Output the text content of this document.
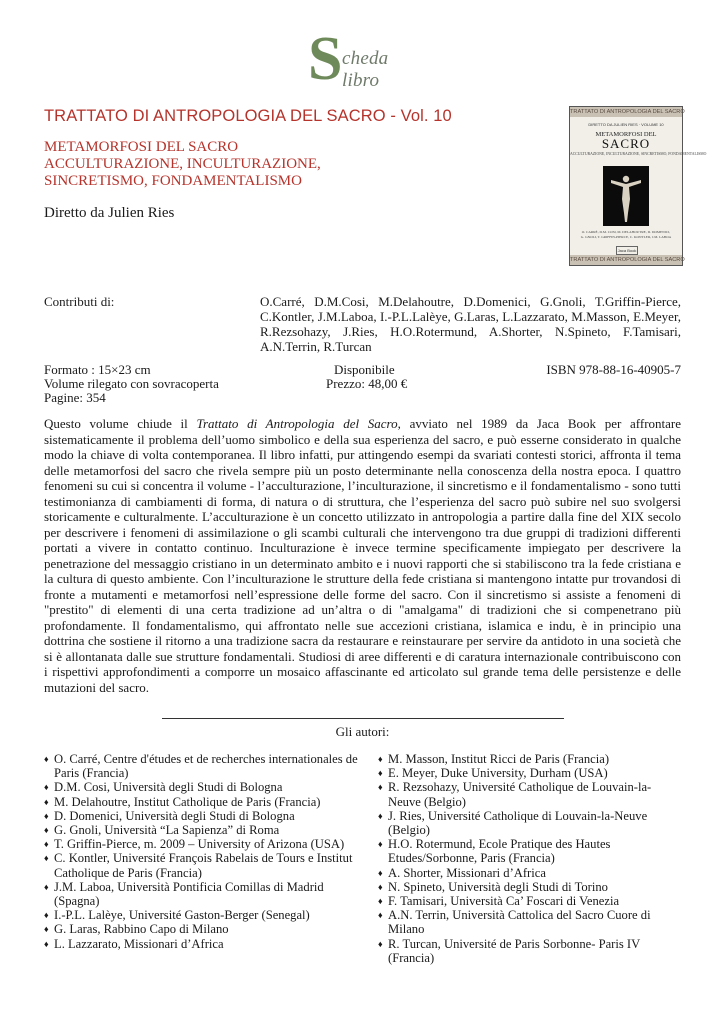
S cheda libro
TRATTATO DI ANTROPOLOGIA DEL SACRO - Vol. 10
METAMORFOSI DEL SACRO
ACCULTURAZIONE, INCULTURAZIONE,
SINCRETISMO, FONDAMENTALISMO
Diretto da Julien Ries
TRATTATO DI ANTROPOLOGIA DEL SACRO
DIRETTO DA JULIEN RIES · VOLUME 10
METAMORFOSI DEL
SACRO
ACCULTURAZIONE, INCULTURAZIONE, SINCRETISMO, FONDAMENTALISMO
O. CARRÉ, D.M. COSI, M. DELAHOUTRE, D. DOMENICI,
G. GNOLI, T. GRIFFIN-PIERCE, C. KONTLER, J.M. LABOA
Jaca Book
TRATTATO DI ANTROPOLOGIA DEL SACRO
Contributi di:	O.Carré, D.M.Cosi, M.Delahoutre, D.Domenici, G.Gnoli, T.Griffin-Pierce, C.Kontler, J.M.Laboa, I.-P.L.Lalèye, G.Laras, L.Lazzarato, M.Masson, E.Meyer, R.Rezsohazy, J.Ries, H.O.Rotermund, A.Shorter, N.Spineto, F.Tamisari, A.N.Terrin, R.Turcan
Formato : 15×23 cm
Volume rilegato con sovracoperta
Pagine: 354
Disponibile
Prezzo: 48,00 €
ISBN 978-88-16-40905-7

Questo volume chiude il Trattato di Antropologia del Sacro, avviato nel 1989 da Jaca Book per affrontare sistematicamente il problema dell’uomo simbolico e della sua esperienza del sacro, e può esserne considerato in qualche modo la chiave di volta contemporanea. Il libro infatti, pur attingendo esempi da svariati contesti storici, affronta il tema delle metamorfosi del sacro che rivela sempre più un posto determinante nella conoscenza della nostra epoca. I quattro fenomeni su cui si concentra il volume - l’acculturazione, l’inculturazione, il sincretismo e il fondamentalismo - sono tutti testimonianza di cambiamenti di forma, di natura o di struttura, che l’esperienza del sacro può subire nel suo svolgersi storicamente e culturalmente. L’acculturazione è un concetto utilizzato in antropologia a partire dalla fine del XIX secolo per descrivere i fenomeni di assimilazione o gli scambi culturali che intervengono tra due gruppi di tradizioni differenti portati a vivere in contatto continuo. Inculturazione è invece termine specificamente impiegato per descrivere la penetrazione del messaggio cristiano in un determinato ambito e i nuovi rapporti che si stabiliscono tra la fede cristiana e la cultura di questo ambiente. Con l’inculturazione le strutture della fede cristiana si mantengono intatte pur trovandosi di fronte a mutamenti e metamorfosi nell’espressione delle forme del sacro. Con il sincretismo si assiste a fenomeni di "prestito" di elementi di una certa tradizione ad un’altra o di "amalgama" di tradizioni che si compenetrano più profondamente. Il fondamentalismo, qui affrontato nelle sue accezioni cristiana, islamica e indu, è in principio una dottrina che sostiene il ritorno a una tradizione sacra da restaurare e reinstaurare per servire da antidoto in una società che si è allontanata dalle sue strutture fondamentali. Studiosi di aree differenti e di caratura internazionale contribuiscono con i rispettivi approfondimenti a comporre un mosaico affascinante ed articolato sul grande tema delle persistenze e delle mutazioni del sacro.

Gli autori:
♦ O. Carré, Centre d'études et de recherches internationales de Paris (Francia)
♦ D.M. Cosi, Università degli Studi di Bologna
♦ M. Delahoutre, Institut Catholique de Paris (Francia)
♦ D. Domenici, Università degli Studi di Bologna
♦ G. Gnoli, Università “La Sapienza” di Roma
♦ T. Griffin-Pierce, m. 2009 – University of Arizona (USA)
♦ C. Kontler, Université François Rabelais de Tours e Institut Catholique de Paris (Francia)
♦ J.M. Laboa, Università Pontificia Comillas di Madrid (Spagna)
♦ I.-P.L. Lalèye, Université Gaston-Berger (Senegal)
♦ G. Laras, Rabbino Capo di Milano
♦ L. Lazzarato, Missionari d’Africa
♦ M. Masson, Institut Ricci de Paris (Francia)
♦ E. Meyer, Duke University, Durham (USA)
♦ R. Rezsohazy, Université Catholique de Louvain-la-Neuve (Belgio)
♦ J. Ries, Université Catholique di Louvain-la-Neuve (Belgio)
♦ H.O. Rotermund, Ecole Pratique des Hautes Etudes/Sorbonne, Paris (Francia)
♦ A. Shorter, Missionari d’Africa
♦ N. Spineto, Università degli Studi di Torino
♦ F. Tamisari, Università Ca’ Foscari di Venezia
♦ A.N. Terrin, Università Cattolica del Sacro Cuore di Milano
♦ R. Turcan, Université de Paris Sorbonne- Paris IV (Francia)
